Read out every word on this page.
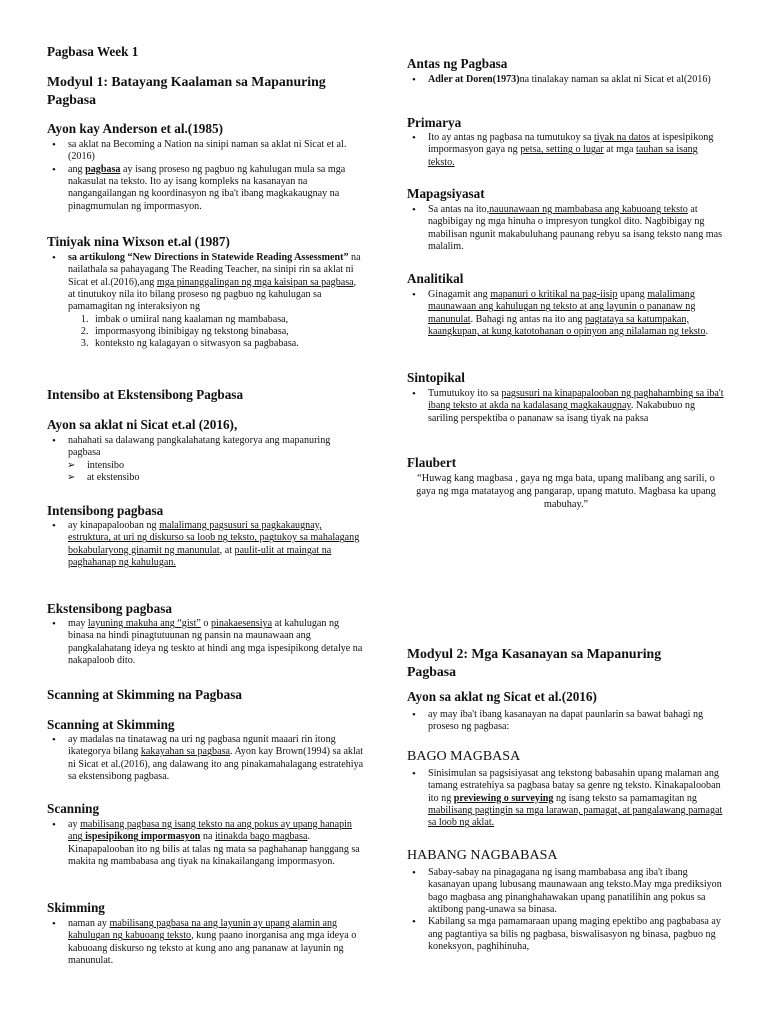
Pagbasa Week 1
Modyul 1: Batayang Kaalaman sa Mapanuring Pagbasa
Ayon kay Anderson et al.(1985)
• sa aklat na Becoming a Nation na sinipi naman sa aklat ni Sicat et al.(2016)
• ang pagbasa ay isang proseso ng pagbuo ng kahulugan mula sa mga nakasulat na teksto. Ito ay isang kompleks na kasanayan na nangangailangan ng koordinasyon ng iba't ibang magkakaugnay na pinagmumulan ng impormasyon.
Tiniyak nina Wixson et.al (1987)
• sa artikulong “New Directions in Statewide Reading Assessment” na nailathala sa pahayagang The Reading Teacher, na sinipi rin sa aklat ni Sicat et al.(2016),ang mga pinanggalingan ng mga kaisipan sa pagbasa, at tinutukoy nila ito bilang proseso ng pagbuo ng kahulugan sa pamamagitan ng interaksiyon ng
1. imbak o umiiral nang kaalaman ng mambabasa,
2. impormasyong ibinibigay ng tekstong binabasa,
3. konteksto ng kalagayan o sitwasyon sa pagbabasa.
Intensibo at Ekstensibong Pagbasa
Ayon sa aklat ni Sicat et.al (2016),
• nahahati sa dalawang pangkalahatang kategorya ang mapanuring pagbasa
➢ intensibo
➢ at ekstensibo
Intensibong pagbasa
• ay kinapapalooban ng malalimang pagsusuri sa pagkakaugnay, estruktura, at uri ng diskurso sa loob ng teksto, pagtukoy sa mahalagang bokabularyong ginamit ng manunulat, at paulit-ulit at maingat na paghahanap ng kahulugan.
Ekstensibong pagbasa
• may layuning makuha ang “gist” o pinakaesensiya at kahulugan ng binasa na hindi pinagtutuunan ng pansin na maunawaan ang pangkalahatang ideya ng teskto at hindi ang mga ispesipikong detalye na nakapaloob dito.
Scanning at Skimming na Pagbasa
Scanning at Skimming
• ay madalas na tinatawag na uri ng pagbasa ngunit maaari rin itong ikategorya bilang kakayahan sa pagbasa. Ayon kay Brown(1994) sa aklat ni Sicat et al.(2016), ang dalawang ito ang pinakamahalagang estratehiya sa ekstensibong pagbasa.
Scanning
• ay mabilisang pagbasa ng isang teksto na ang pokus ay upang hanapin ang ispesipikong impormasyon na itinakda bago magbasa. Kinapapalooban ito ng bilis at talas ng mata sa paghahanap hanggang sa makita ng mambabasa ang tiyak na kinakailangang impormasyon.
Skimming
• naman ay mabilisang pagbasa na ang layunin ay upang alamin ang kahulugan ng kabuoang teksto, kung paano inorganisa ang mga ideya o kabuoang diskurso ng teksto at kung ano ang pananaw at layunin ng manunulat.
Antas ng Pagbasa
• Adler at Doren(1973)na tinalakay naman sa aklat ni Sicat et al(2016)
Primarya
• Ito ay antas ng pagbasa na tumutukoy sa tiyak na datos at ispesipikong impormasyon gaya ng petsa, setting o lugar at mga tauhan sa isang teksto.
Mapagsiyasat
• Sa antas na ito,nauunawaan ng mambabasa ang kabuoang teksto at nagbibigay ng mga hinuha o impresyon tungkol dito. Nagbibigay ng mabilisan ngunit makabuluhang paunang rebyu sa isang teksto nang mas malalim.
Analitikal
• Ginagamit ang mapanuri o kritikal na pag-iisip upang malalimang maunawaan ang kahulugan ng teksto at ang layunin o pananaw ng manunulat. Bahagi ng antas na ito ang pagtataya sa katumpakan, kaangkupan, at kung katotohanan o opinyon ang nilalaman ng teksto.
Sintopikal
• Tumutukoy ito sa pagsusuri na kinapapalooban ng paghahambing sa iba't ibang teksto at akda na kadalasang magkakaugnay. Nakabubuo ng sariling perspektiba o pananaw sa isang tiyak na paksa
Flaubert
“Huwag kang magbasa , gaya ng mga bata, upang malibang ang sarili, o gaya ng mga matatayog ang pangarap, upang matuto. Magbasa ka upang mabuhay.”
Modyul 2: Mga Kasanayan sa Mapanuring Pagbasa
Ayon sa aklat ng Sicat et al.(2016)
• ay may iba't ibang kasanayan na dapat paunlarin sa bawat bahagi ng proseso ng pagbasa:
BAGO MAGBASA
• Sinisimulan sa pagsisiyasat ang tekstong babasahin upang malaman ang tamang estratehiya sa pagbasa batay sa genre ng teksto. Kinakapalooban ito ng previewing o surveying ng isang teksto sa pamamagitan ng mabilisang pagtingin sa mga larawan, pamagat, at pangalawang pamagat sa loob ng aklat.
HABANG NAGBABASA
• Sabay-sabay na pinagagana ng isang mambabasa ang iba't ibang kasanayan upang lubusang maunawaan ang teksto.May mga prediksiyon bago magbasa ang pinanghahawakan upang panatilihin ang pokus sa aktibong pang-unawa sa binasa.
• Kabilang sa mga pamamaraan upang maging epektibo ang pagbabasa ay ang pagtantiya sa bilis ng pagbasa, biswalisasyon ng binasa, pagbuo ng koneksyon, paghihinuha,
